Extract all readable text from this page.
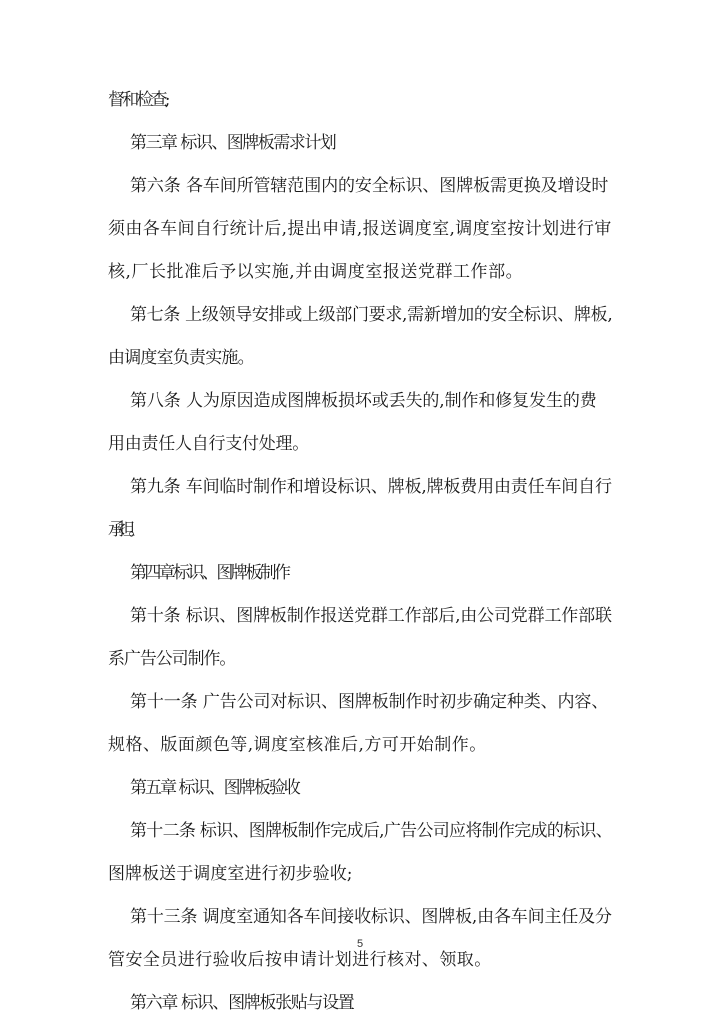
督和检查;
第三章 标识、图牌板需求计划
第六条 各车间所管辖范围内的安全标识、图牌板需更换及增设时
须由各车间自行统计后,提出申请,报送调度室,调度室按计划进行审
核,厂长批准后予以实施,并由调度室报送党群工作部。
第七条 上级领导安排或上级部门要求,需新增加的安全标识、牌板,
由调度室负责实施。
第八条 人为原因造成图牌板损坏或丢失的,制作和修复发生的费
用由责任人自行支付处理。
第九条 车间临时制作和增设标识、牌板,牌板费用由责任车间自行
承担。
第四章标识、图牌板制作
第十条 标识、图牌板制作报送党群工作部后,由公司党群工作部联
系广告公司制作。
第十一条 广告公司对标识、图牌板制作时初步确定种类、内容、
规格、版面颜色等,调度室核准后,方可开始制作。
第五章 标识、图牌板验收
第十二条 标识、图牌板制作完成后,广告公司应将制作完成的标识、
图牌板送于调度室进行初步验收;
第十三条 调度室通知各车间接收标识、图牌板,由各车间主任及分
管安全员进行验收后按申请计划进行核对、领取。
第六章 标识、图牌板张贴与设置
5
